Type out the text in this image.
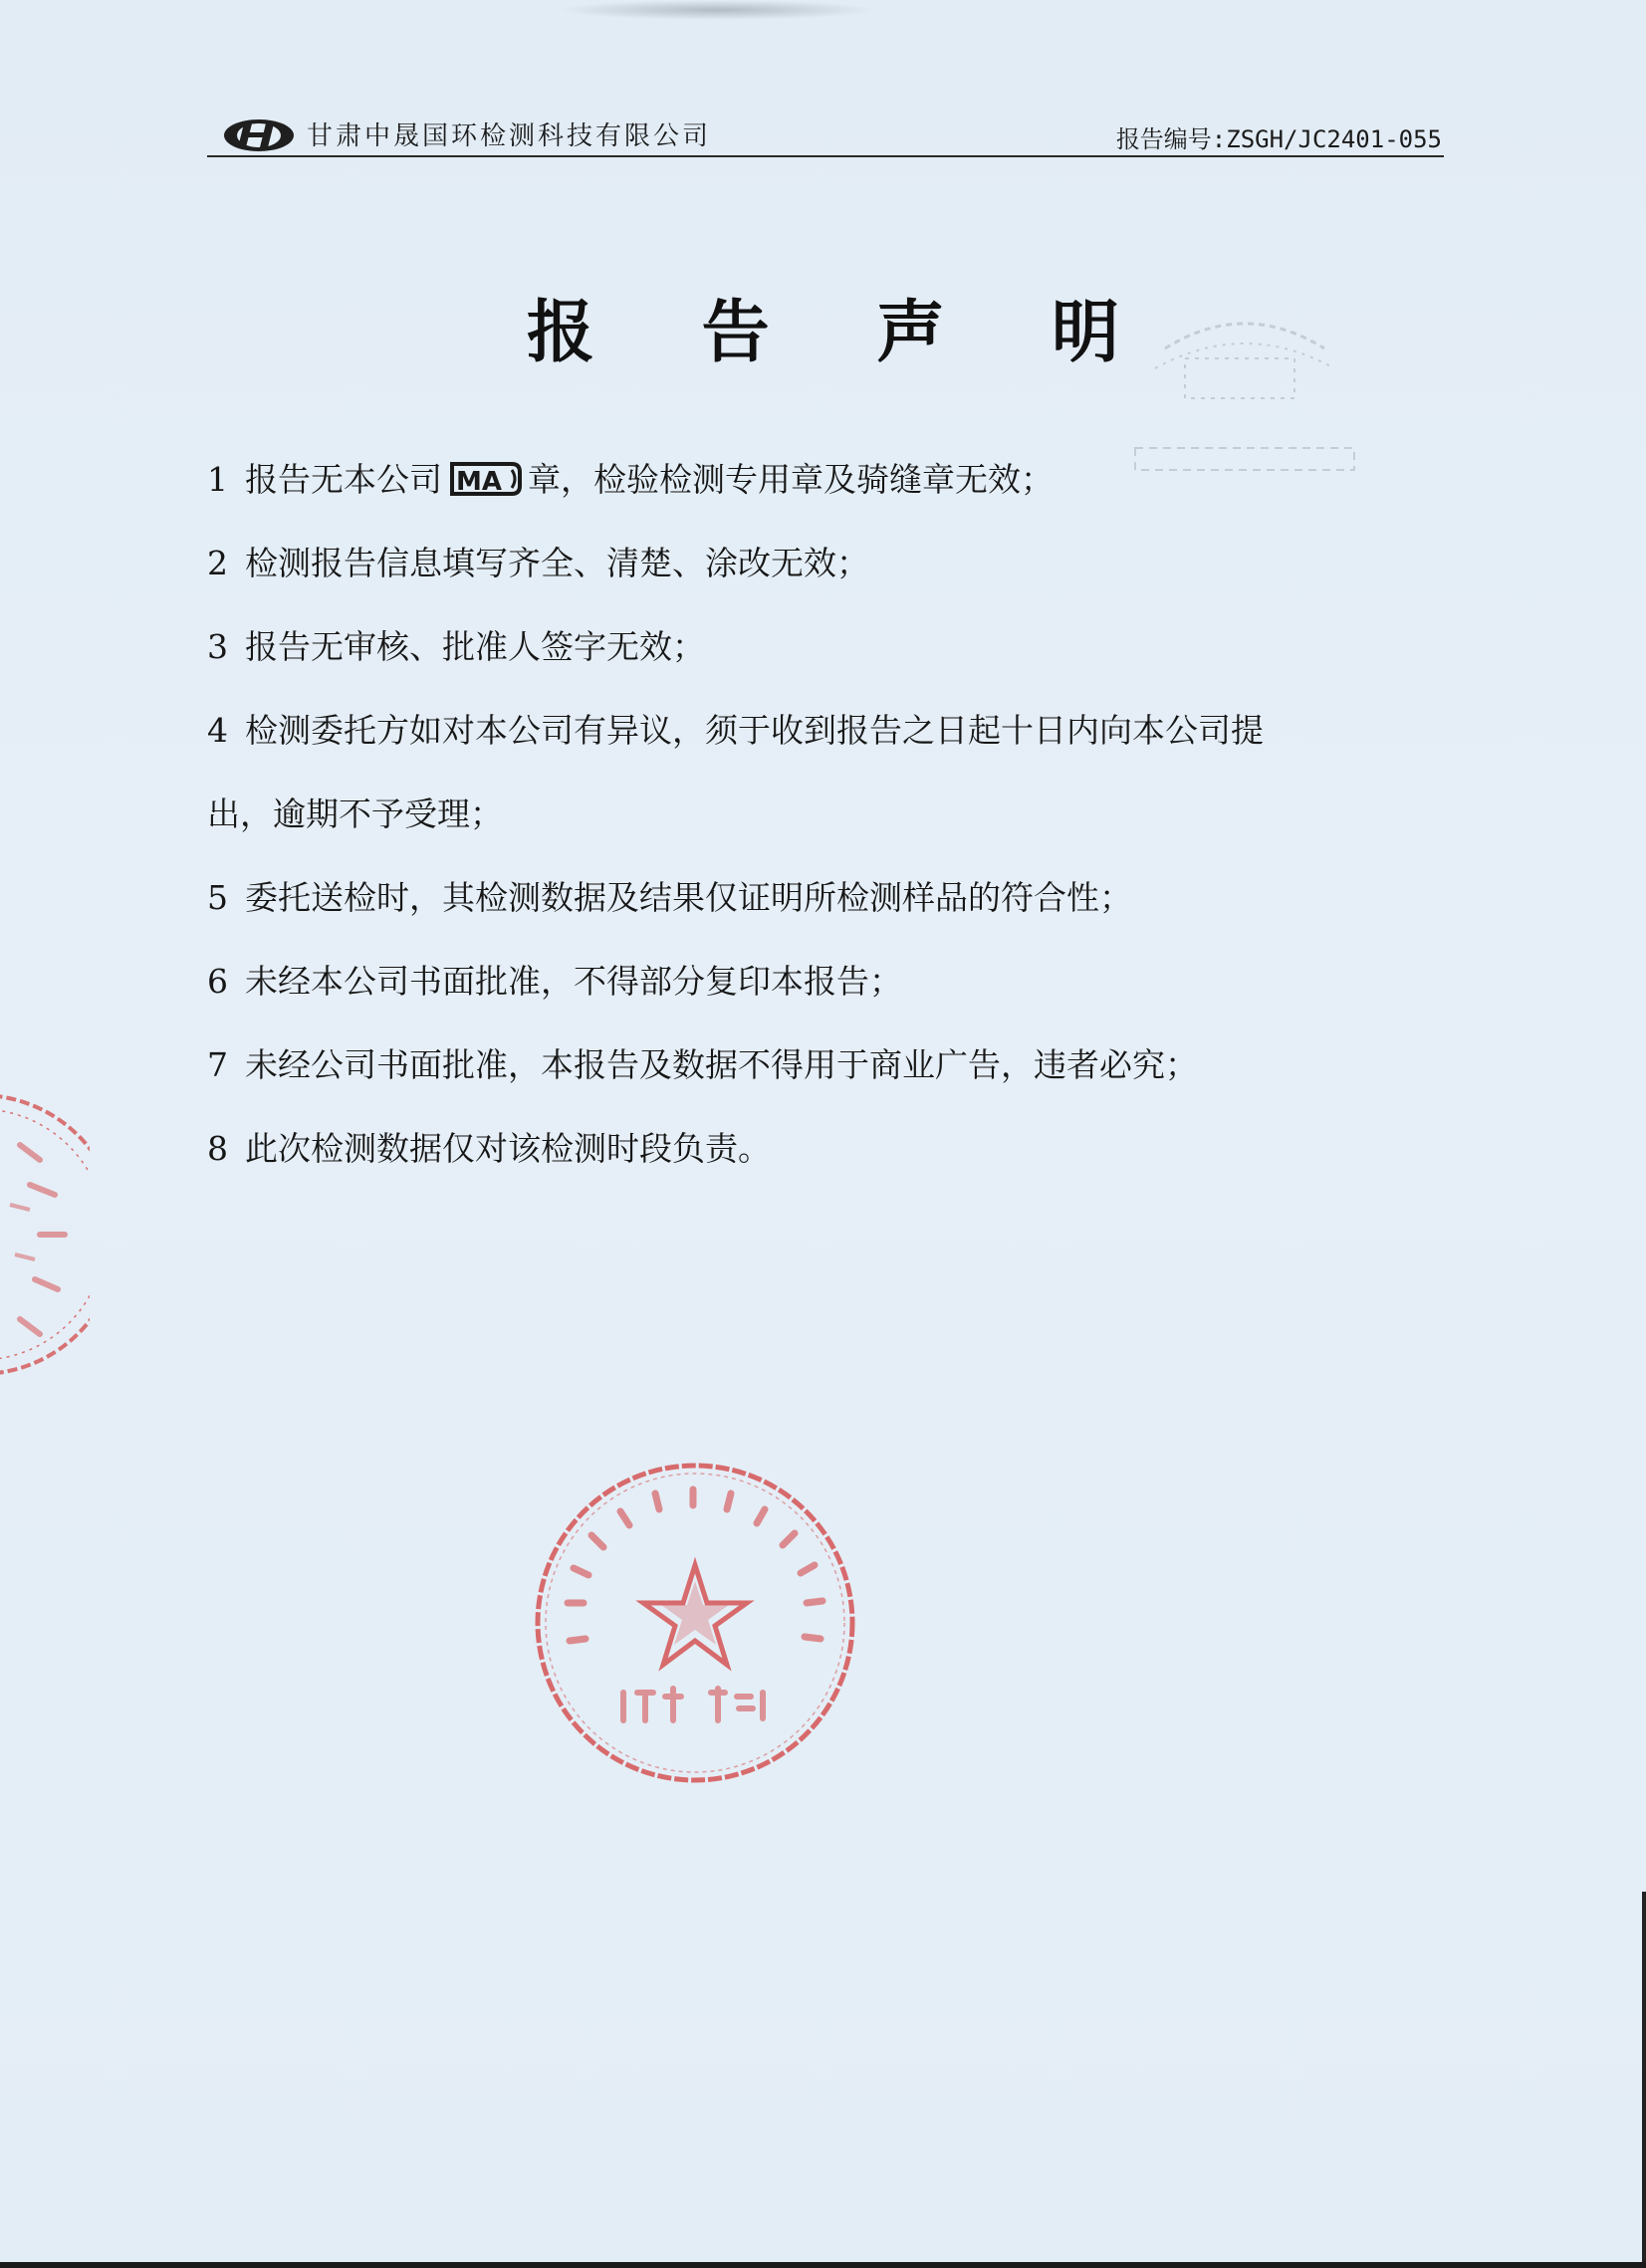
甘肃中晟国环检测科技有限公司	报告编号:ZSGH/JC2401-055
报 告 声 明
1 报告无本公司 MA 章，检验检测专用章及骑缝章无效；
2 检测报告信息填写齐全、清楚、涂改无效；
3 报告无审核、批准人签字无效；
4 检测委托方如对本公司有异议，须于收到报告之日起十日内向本公司提
出，逾期不予受理；
5 委托送检时，其检测数据及结果仅证明所检测样品的符合性；
6 未经本公司书面批准，不得部分复印本报告；
7 未经公司书面批准，本报告及数据不得用于商业广告，违者必究；
8 此次检测数据仅对该检测时段负责。
